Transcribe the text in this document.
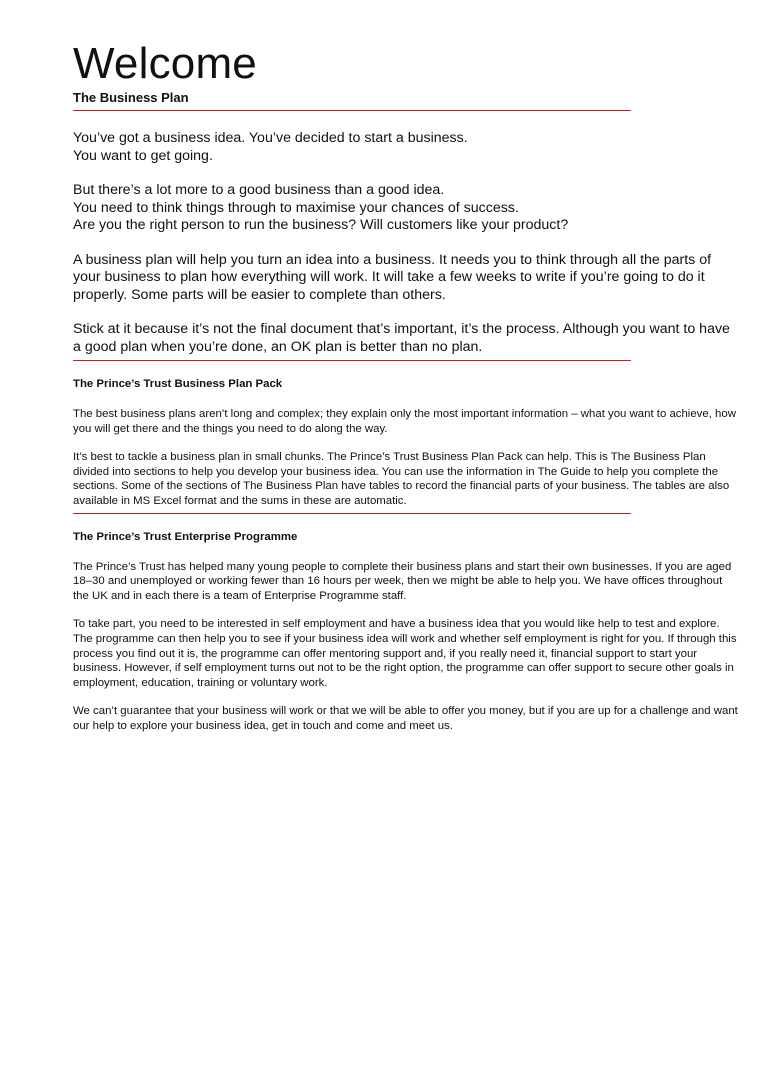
Welcome
The Business Plan

You’ve got a business idea. You’ve decided to start a business.
You want to get going.

But there’s a lot more to a good business than a good idea.
You need to think things through to maximise your chances of success.
Are you the right person to run the business? Will customers like your product?

A business plan will help you turn an idea into a business. It needs you to think through all the parts of your business to plan how everything will work. It will take a few weeks to write if you’re going to do it properly. Some parts will be easier to complete than others.

Stick at it because it’s not the final document that’s important, it’s the process. Although you want to have a good plan when you’re done, an OK plan is better than no plan.

The Prince’s Trust Business Plan Pack

The best business plans aren’t long and complex; they explain only the most important information – what you want to achieve, how you will get there and the things you need to do along the way.

It’s best to tackle a business plan in small chunks. The Prince’s Trust Business Plan Pack can help. This is The Business Plan divided into sections to help you develop your business idea. You can use the information in The Guide to help you complete the sections. Some of the sections of The Business Plan have tables to record the financial parts of your business. The tables are also available in MS Excel format and the sums in these are automatic.

The Prince’s Trust Enterprise Programme

The Prince’s Trust has helped many young people to complete their business plans and start their own businesses. If you are aged 18–30 and unemployed or working fewer than 16 hours per week, then we might be able to help you. We have offices throughout the UK and in each there is a team of Enterprise Programme staff.

To take part, you need to be interested in self employment and have a business idea that you would like help to test and explore. The programme can then help you to see if your business idea will work and whether self employment is right for you. If through this process you find out it is, the programme can offer mentoring support and, if you really need it, financial support to start your business. However, if self employment turns out not to be the right option, the programme can offer support to secure other goals in employment, education, training or voluntary work.

We can’t guarantee that your business will work or that we will be able to offer you money, but if you are up for a challenge and want our help to explore your business idea, get in touch and come and meet us.
